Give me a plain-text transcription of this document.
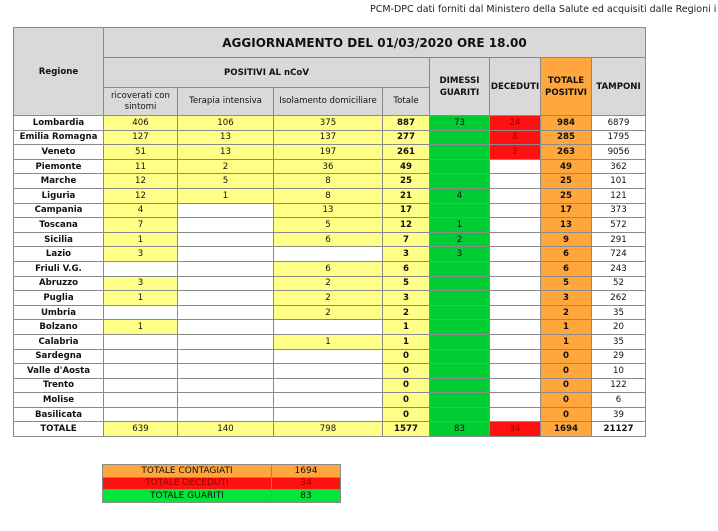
PCM-DPC dati forniti dal Ministero della Salute ed acquisiti dalle Regioni i
Regione	AGGIORNAMENTO DEL 01/03/2020 ORE 18.00							
	POSITIVI AL nCoV				DIMESSI GUARITI	DECEDUTI	TOTALE POSITIVI	TAMPONI
	ricoverati con sintomi	Terapia intensiva	Isolamento domiciliare	Totale				
Lombardia	406	106	375	887	73	24	984	6879
Emilia Romagna	127	13	137	277		8	285	1795
Veneto	51	13	197	261		2	263	9056
Piemonte	11	2	36	49			49	362
Marche	12	5	8	25			25	101
Liguria	12	1	8	21	4		25	121
Campania	4		13	17			17	373
Toscana	7		5	12	1		13	572
Sicilia	1		6	7	2		9	291
Lazio	3			3	3		6	724
Friuli V.G.			6	6			6	243
Abruzzo	3		2	5			5	52
Puglia	1		2	3			3	262
Umbria			2	2			2	35
Bolzano	1			1			1	20
Calabria			1	1			1	35
Sardegna				0			0	29
Valle d'Aosta				0			0	10
Trento				0			0	122
Molise				0			0	6
Basilicata				0			0	39
TOTALE	639	140	798	1577	83	34	1694	21127
TOTALE CONTAGIATI	1694
TOTALE DECEDUTI	34
TOTALE GUARITI	83
